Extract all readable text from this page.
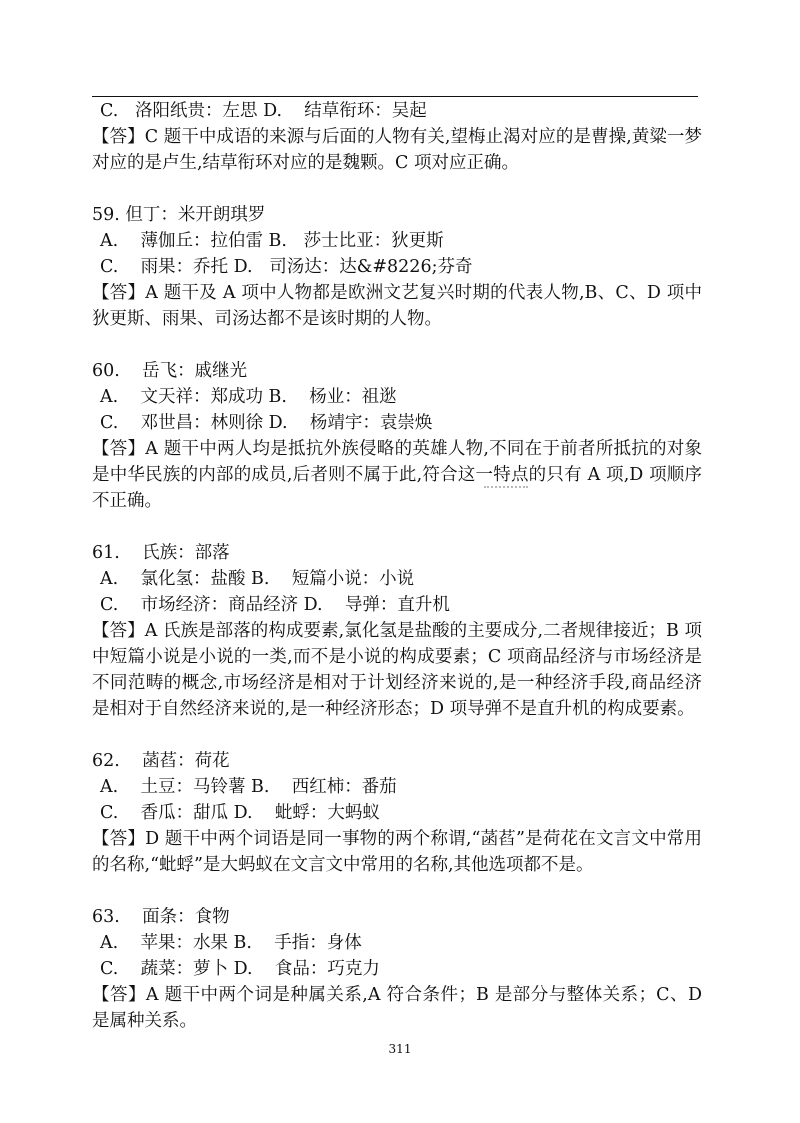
C.   洛阳纸贵：左思 D.    结草衔环：吴起
【答】C 题干中成语的来源与后面的人物有关,望梅止渴对应的是曹操,黄粱一梦对应的是卢生,结草衔环对应的是魏颗。C 项对应正确。
59. 但丁：米开朗琪罗
A.    薄伽丘：拉伯雷 B.   莎士比亚：狄更斯
C.    雨果：乔托 D.   司汤达：达&#8226;芬奇
【答】A 题干及 A 项中人物都是欧洲文艺复兴时期的代表人物,B、C、D 项中狄更斯、雨果、司汤达都不是该时期的人物。
60.    岳飞：戚继光
A.    文天祥：郑成功 B.    杨业：祖逖
C.    邓世昌：林则徐 D.    杨靖宇：袁崇焕
【答】A 题干中两人均是抵抗外族侵略的英雄人物,不同在于前者所抵抗的对象是中华民族的内部的成员,后者则不属于此,符合这一特点的只有 A 项,D 项顺序不正确。
61.    氏族：部落
A.    氯化氢：盐酸 B.    短篇小说：小说
C.    市场经济：商品经济 D.    导弹：直升机
【答】A 氏族是部落的构成要素,氯化氢是盐酸的主要成分,二者规律接近；B 项中短篇小说是小说的一类,而不是小说的构成要素；C 项商品经济与市场经济是不同范畴的概念,市场经济是相对于计划经济来说的,是一种经济手段,商品经济是相对于自然经济来说的,是一种经济形态；D 项导弹不是直升机的构成要素。
62.    菡萏：荷花
A.    土豆：马铃薯 B.    西红柿：番茄
C.    香瓜：甜瓜 D.    蚍蜉：大蚂蚁
【答】D 题干中两个词语是同一事物的两个称谓,“菡萏”是荷花在文言文中常用的名称,“蚍蜉”是大蚂蚁在文言文中常用的名称,其他选项都不是。
63.    面条：食物
A.    苹果：水果 B.    手指：身体
C.    蔬菜：萝卜 D.    食品：巧克力
【答】A 题干中两个词是种属关系,A 符合条件；B 是部分与整体关系；C、D 是属种关系。
311
